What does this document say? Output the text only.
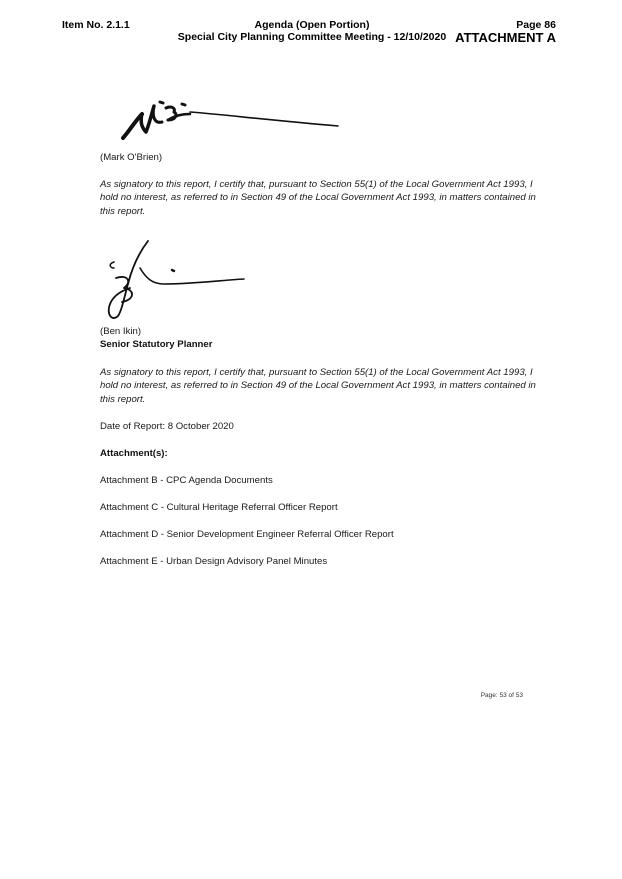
Item No. 2.1.1	Agenda (Open Portion)
Special City Planning Committee Meeting - 12/10/2020
Page 86
ATTACHMENT A
(Mark O'Brien)
As signatory to this report, I certify that, pursuant to Section 55(1) of the Local Government Act 1993, I hold no interest, as referred to in Section 49 of the Local Government Act 1993, in matters contained in this report.
(Ben Ikin)
Senior Statutory Planner
As signatory to this report, I certify that, pursuant to Section 55(1) of the Local Government Act 1993, I hold no interest, as referred to in Section 49 of the Local Government Act 1993, in matters contained in this report.
Date of Report: 8 October 2020
Attachment(s):
Attachment B - CPC Agenda Documents
Attachment C - Cultural Heritage Referral Officer Report
Attachment D - Senior Development Engineer Referral Officer Report
Attachment E - Urban Design Advisory Panel Minutes
Page: 53 of 53
